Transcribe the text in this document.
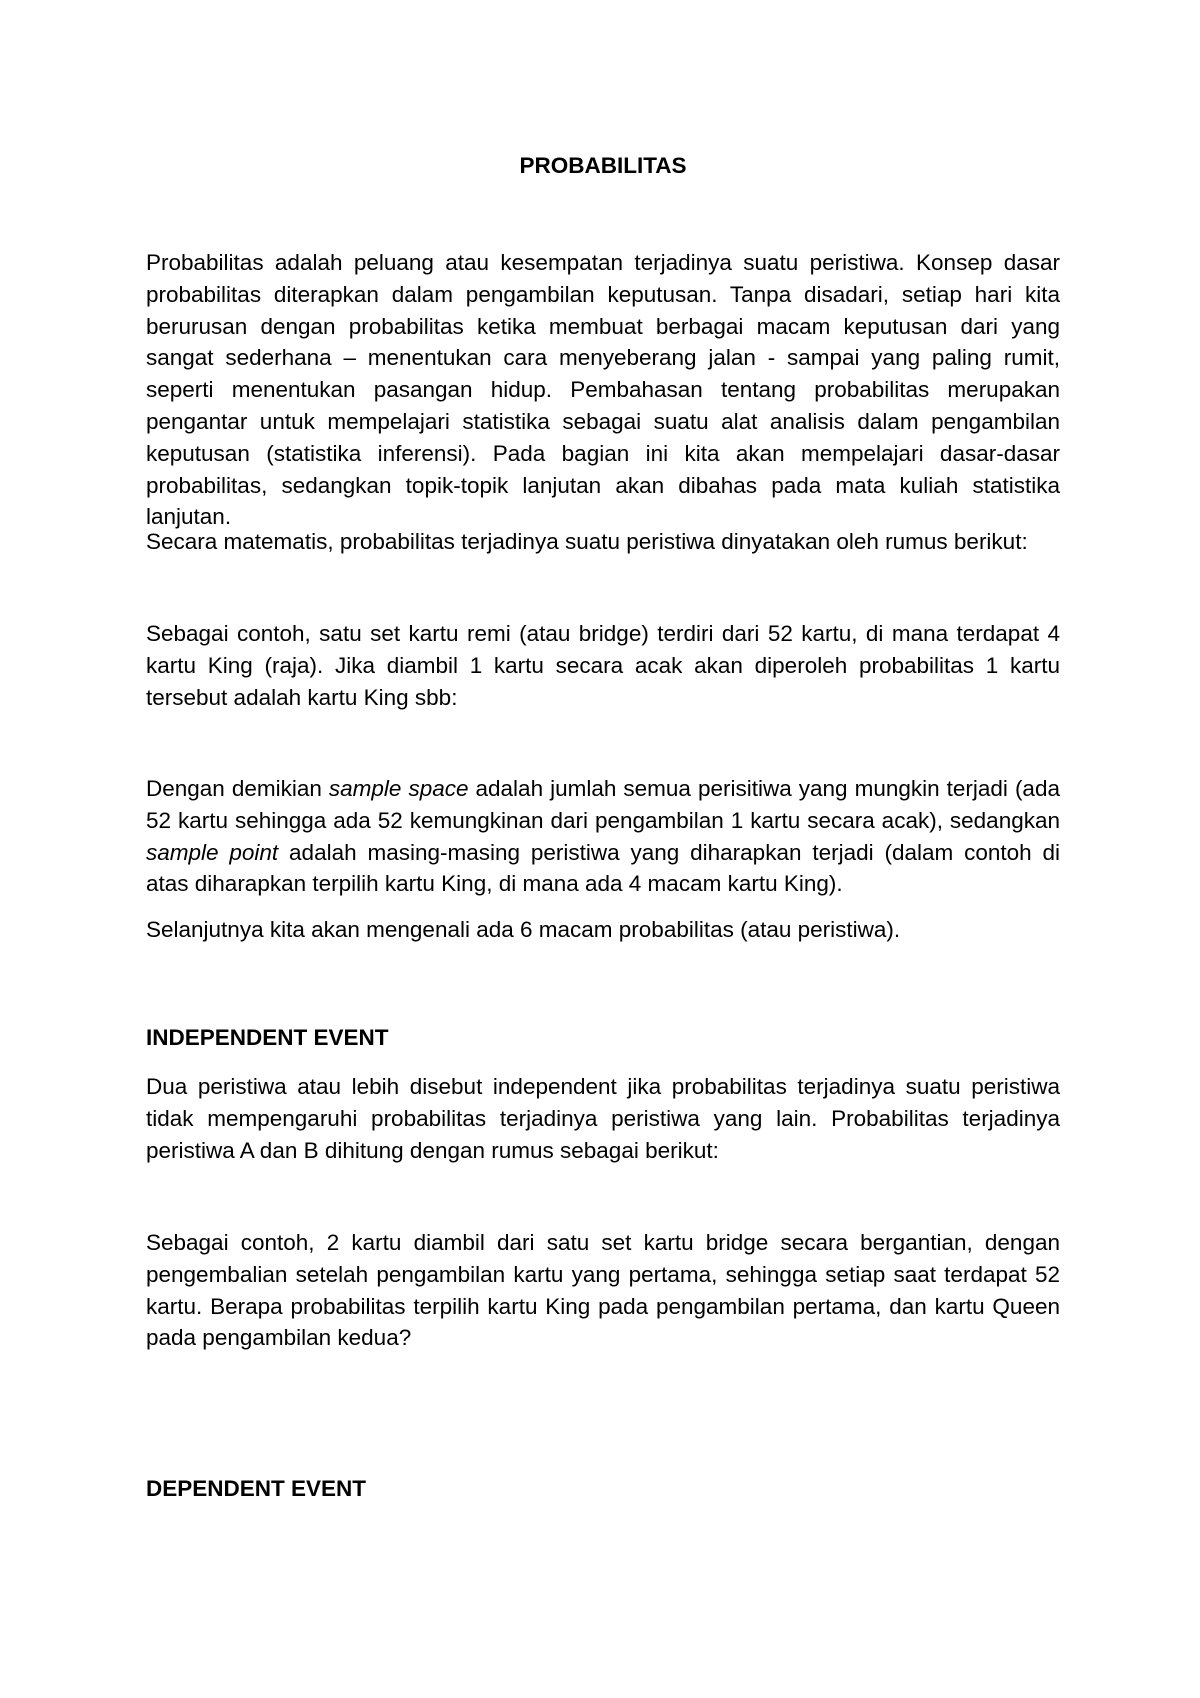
PROBABILITAS

Probabilitas adalah peluang atau kesempatan terjadinya suatu peristiwa. Konsep dasar probabilitas diterapkan dalam pengambilan keputusan. Tanpa disadari, setiap hari kita berurusan dengan probabilitas ketika membuat berbagai macam keputusan dari yang sangat sederhana – menentukan cara menyeberang jalan - sampai yang paling rumit, seperti menentukan pasangan hidup. Pembahasan tentang probabilitas merupakan pengantar untuk mempelajari statistika sebagai suatu alat analisis dalam pengambilan keputusan (statistika inferensi). Pada bagian ini kita akan mempelajari dasar-dasar probabilitas, sedangkan topik-topik lanjutan akan dibahas pada mata kuliah statistika lanjutan.

Secara matematis, probabilitas terjadinya suatu peristiwa dinyatakan oleh rumus berikut:

Sebagai contoh, satu set kartu remi (atau bridge) terdiri dari 52 kartu, di mana terdapat 4 kartu King (raja). Jika diambil 1 kartu secara acak akan diperoleh probabilitas 1 kartu tersebut adalah kartu King sbb:

Dengan demikian sample space adalah jumlah semua perisitiwa yang mungkin terjadi (ada 52 kartu sehingga ada 52 kemungkinan dari pengambilan 1 kartu secara acak), sedangkan sample point adalah masing-masing peristiwa yang diharapkan terjadi (dalam contoh di atas diharapkan terpilih kartu King, di mana ada 4 macam kartu King).

Selanjutnya kita akan mengenali ada 6 macam probabilitas (atau peristiwa).

INDEPENDENT EVENT

Dua peristiwa atau lebih disebut independent jika probabilitas terjadinya suatu peristiwa tidak mempengaruhi probabilitas terjadinya peristiwa yang lain. Probabilitas terjadinya peristiwa A dan B dihitung dengan rumus sebagai berikut:

Sebagai contoh, 2 kartu diambil dari satu set kartu bridge secara bergantian, dengan pengembalian setelah pengambilan kartu yang pertama, sehingga setiap saat terdapat 52 kartu. Berapa probabilitas terpilih kartu King pada pengambilan pertama, dan kartu Queen pada pengambilan kedua?

DEPENDENT EVENT
